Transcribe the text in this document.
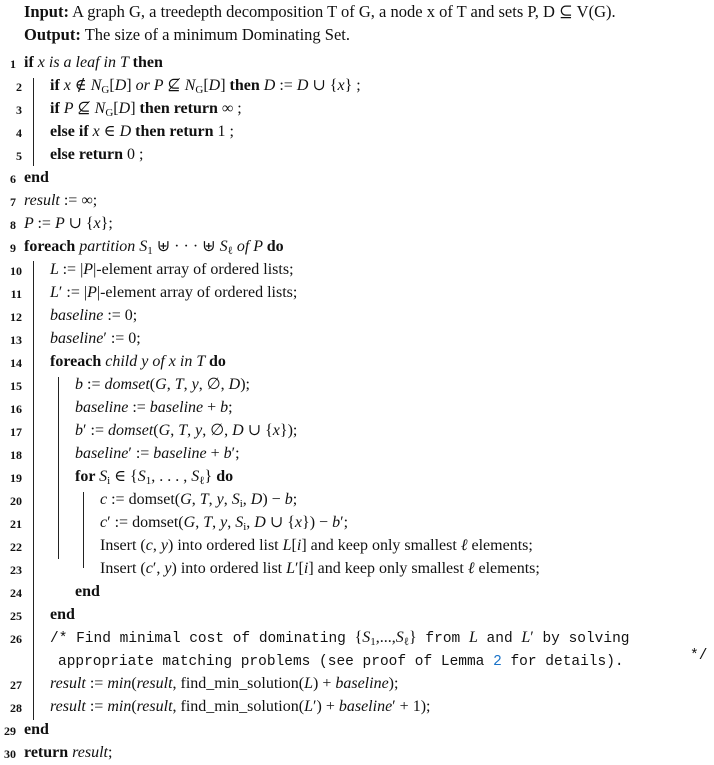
Input: A graph G, a treedepth decomposition T of G, a node x of T and sets P, D ⊆ V(G).
Output: The size of a minimum Dominating Set.
1 if x is a leaf in T then
2 if x ∉ $N_G[D]$ or P ⊈ $N_G[D]$ then D := D ∪ {x} ;
3 if P ⊈ $N_G[D]$ then return ∞ ;
4 else if x ∈ D then return 1 ;
5 else return 0 ;
6 end
7 result := ∞;
8 P := P ∪ {x};
9 foreach partition $S_1$ ⊎ · · · ⊎ $S_\ell$ of P do
10 L := |P|-element array of ordered lists;
11 L′ := |P|-element array of ordered lists;
12 baseline := 0;
13 baseline′ := 0;
14 foreach child y of x in T do
15	b := domset(G, T, y, ∅, D);
16	baseline := baseline + b;
17	b′ := domset(G, T, y, ∅, D ∪ {x});
18	baseline′ := baseline + b′;
19	for $S_i$ ∈ {$S_1$, . . . , $S_\ell$} do
20	c := domset(G, T, y, $S_i$, D) − b;
21	c′ := domset(G, T, y, $S_i$, D ∪ {x}) − b′;
22	Insert (c, y) into ordered list L[i] and keep only smallest ℓ elements;
23	Insert (c′, y) into ordered list L′[i] and keep only smallest ℓ elements;
24	end
25 end
26 /* Find minimal cost of dominating $\{S_1,...,S_\ell\}$ from L and L′ by solving
appropriate matching problems (see proof of Lemma 2 for details).
27 result := min(result, find_min_solution(L) + baseline);
28 result := min(result, find_min_solution(L′) + baseline′ + 1);
29 end
30 return result;
*/
